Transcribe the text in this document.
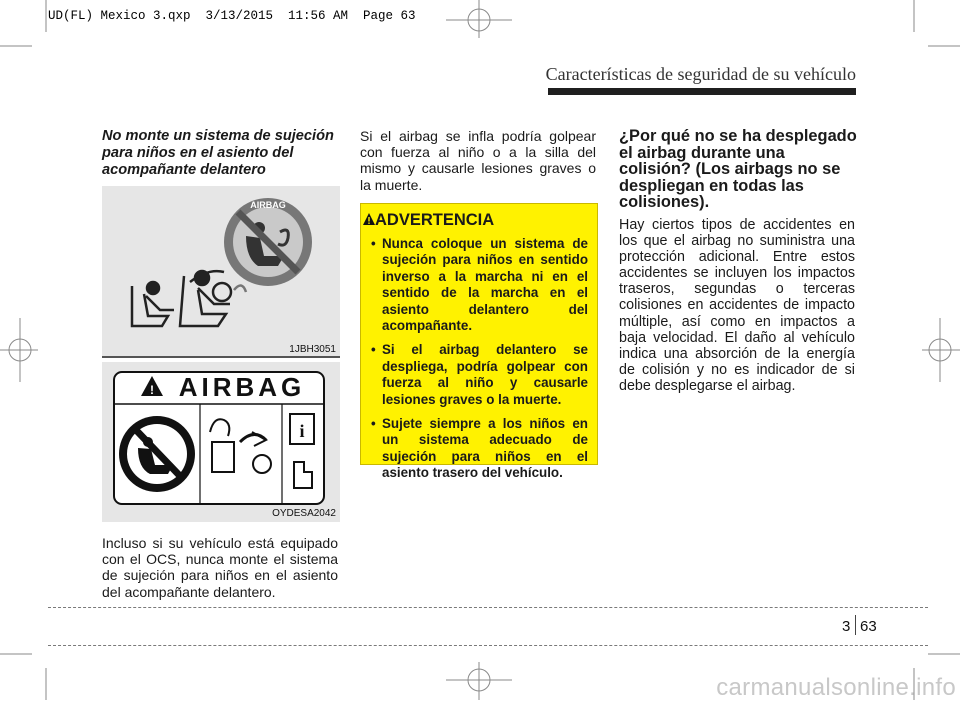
UD(FL) Mexico 3.qxp  3/13/2015  11:56 AM  Page 63
Características de seguridad de su vehículo
No monte un sistema de sujeción para niños en el asiento del acompañante delantero
AIRBAG
1JBH3051
! AIRBAG
i
OYDESA2042
Incluso si su vehículo está equipado con el OCS, nunca monte el sistema de sujeción para niños en el asiento del acompañante delantero.
Si el airbag se infla podría golpear con fuerza al niño o a la silla del mismo y causarle lesiones graves o la muerte.
ADVERTENCIA
• Nunca coloque un sistema de sujeción para niños en sentido inverso a la marcha ni en el sentido de la marcha en el asiento delantero del acompañante.
• Si el airbag delantero se despliega, podría golpear con fuerza al niño y causarle lesiones graves o la muerte.
• Sujete siempre a los niños en un sistema adecuado de sujeción para niños en el asiento trasero del vehículo.
¿Por qué no se ha desplegado el airbag durante una colisión? (Los airbags no se despliegan en todas las colisiones).
Hay ciertos tipos de accidentes en los que el airbag no suministra una protección adicional. Entre estos accidentes se incluyen los impactos traseros, segundas o terceras colisiones en accidentes de impacto múltiple, así como en impactos a baja velocidad. El daño al vehículo indica una absorción de la energía de colisión y no es indicador de si debe desplegarse el airbag.
3 63
carmanualsonline.info
